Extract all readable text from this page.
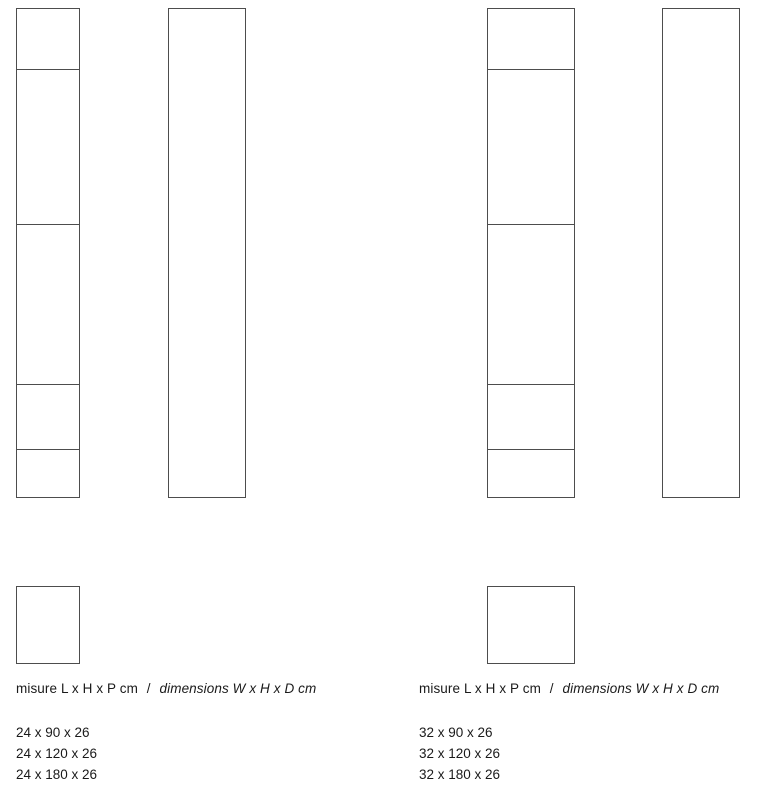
misure L x H x P cm / dimensions W x H x D cm
24 x 90 x 26
24 x 120 x 26
24 x 180 x 26
misure L x H x P cm / dimensions W x H x D cm
32 x 90 x 26
32 x 120 x 26
32 x 180 x 26
